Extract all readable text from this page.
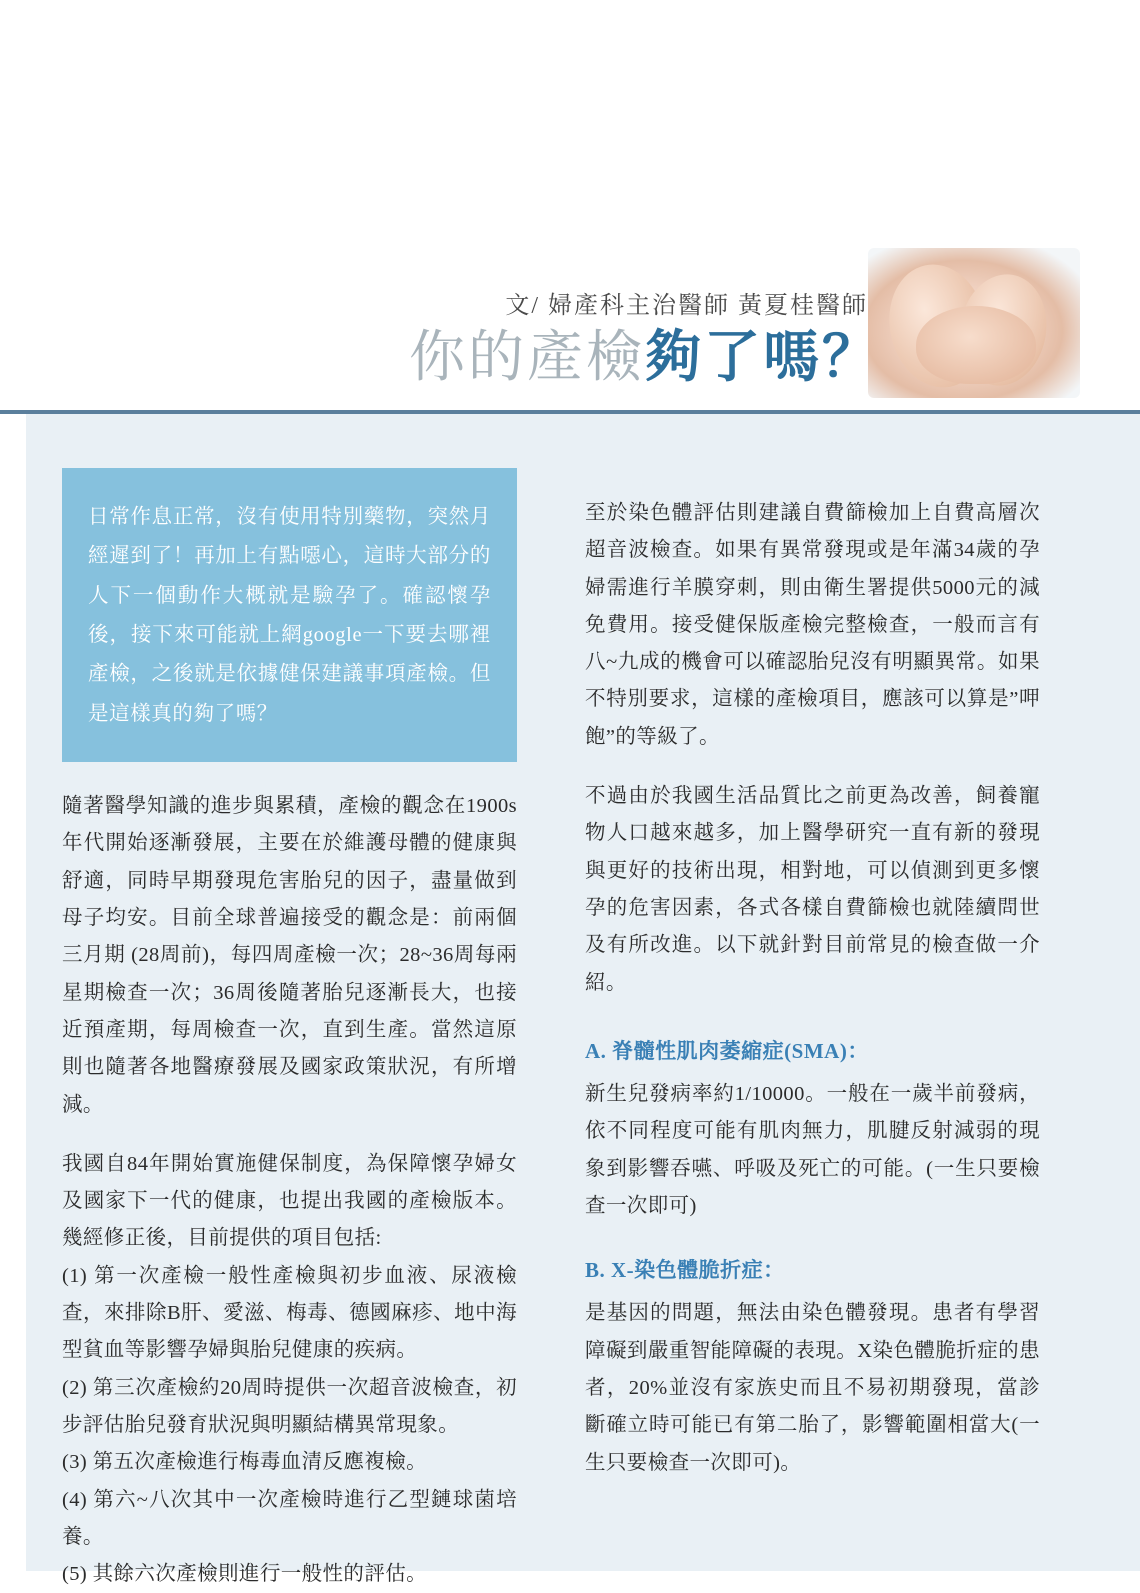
文/ 婦產科主治醫師 黃夏桂醫師
你的產檢夠了嗎？
日常作息正常，沒有使用特別藥物，突然月經遲到了！再加上有點噁心，這時大部分的人下一個動作大概就是驗孕了。確認懷孕後，接下來可能就上網google一下要去哪裡產檢，之後就是依據健保建議事項產檢。但是這樣真的夠了嗎？

隨著醫學知識的進步與累積，產檢的觀念在1900s年代開始逐漸發展，主要在於維護母體的健康與舒適，同時早期發現危害胎兒的因子，盡量做到母子均安。目前全球普遍接受的觀念是：前兩個三月期 (28周前)，每四周產檢一次；28~36周每兩星期檢查一次；36周後隨著胎兒逐漸長大，也接近預產期，每周檢查一次，直到生產。當然這原則也隨著各地醫療發展及國家政策狀況，有所增減。

我國自84年開始實施健保制度，為保障懷孕婦女及國家下一代的健康，也提出我國的產檢版本。幾經修正後，目前提供的項目包括:

(1) 第一次產檢一般性產檢與初步血液、尿液檢查，來排除B肝、愛滋、梅毒、德國麻疹、地中海型貧血等影響孕婦與胎兒健康的疾病。

(2) 第三次產檢約20周時提供一次超音波檢查，初步評估胎兒發育狀況與明顯結構異常現象。

(3) 第五次產檢進行梅毒血清反應複檢。

(4) 第六~八次其中一次產檢時進行乙型鏈球菌培養。

(5) 其餘六次產檢則進行一般性的評估。

至於染色體評估則建議自費篩檢加上自費高層次超音波檢查。如果有異常發現或是年滿34歲的孕婦需進行羊膜穿刺，則由衛生署提供5000元的減免費用。接受健保版產檢完整檢查，一般而言有八~九成的機會可以確認胎兒沒有明顯異常。如果不特別要求，這樣的產檢項目，應該可以算是”呷飽”的等級了。

不過由於我國生活品質比之前更為改善，飼養寵物人口越來越多，加上醫學研究一直有新的發現與更好的技術出現，相對地，可以偵測到更多懷孕的危害因素，各式各樣自費篩檢也就陸續問世及有所改進。以下就針對目前常見的檢查做一介紹。

A. 脊髓性肌肉萎縮症(SMA)：

新生兒發病率約1/10000。一般在一歲半前發病，依不同程度可能有肌肉無力，肌腱反射減弱的現象到影響吞嚥、呼吸及死亡的可能。(一生只要檢查一次即可)

B. X-染色體脆折症：

是基因的問題，無法由染色體發現。患者有學習障礙到嚴重智能障礙的表現。X染色體脆折症的患者，20%並沒有家族史而且不易初期發現，當診斷確立時可能已有第二胎了，影響範圍相當大(一生只要檢查一次即可)。
